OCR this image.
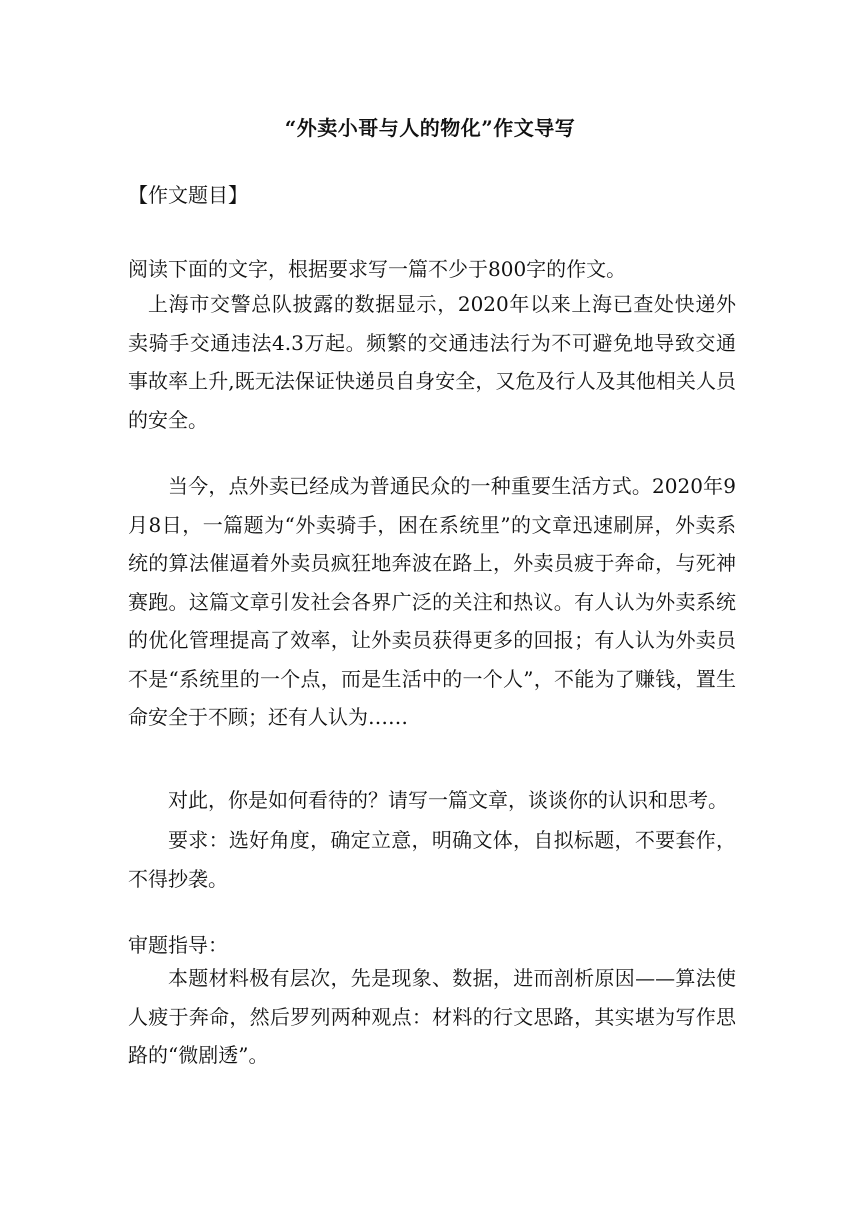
“外卖小哥与人的物化”作文导写
【作文题目】
阅读下面的文字，根据要求写一篇不少于800字的作文。
上海市交警总队披露的数据显示，2020年以来上海已查处快递外卖骑手交通违法4.3万起。频繁的交通违法行为不可避免地导致交通事故率上升,既无法保证快递员自身安全，又危及行人及其他相关人员的安全。
当今，点外卖已经成为普通民众的一种重要生活方式。2020年9月8日，一篇题为“外卖骑手，困在系统里”的文章迅速刷屏，外卖系统的算法催逼着外卖员疯狂地奔波在路上，外卖员疲于奔命，与死神赛跑。这篇文章引发社会各界广泛的关注和热议。有人认为外卖系统的优化管理提高了效率，让外卖员获得更多的回报；有人认为外卖员不是“系统里的一个点，而是生活中的一个人”，不能为了赚钱，置生命安全于不顾；还有人认为……
对此，你是如何看待的？请写一篇文章，谈谈你的认识和思考。
要求：选好角度，确定立意，明确文体，自拟标题，不要套作，不得抄袭。
审题指导：
本题材料极有层次，先是现象、数据，进而剖析原因——算法使人疲于奔命，然后罗列两种观点：材料的行文思路，其实堪为写作思路的“微剧透”。
